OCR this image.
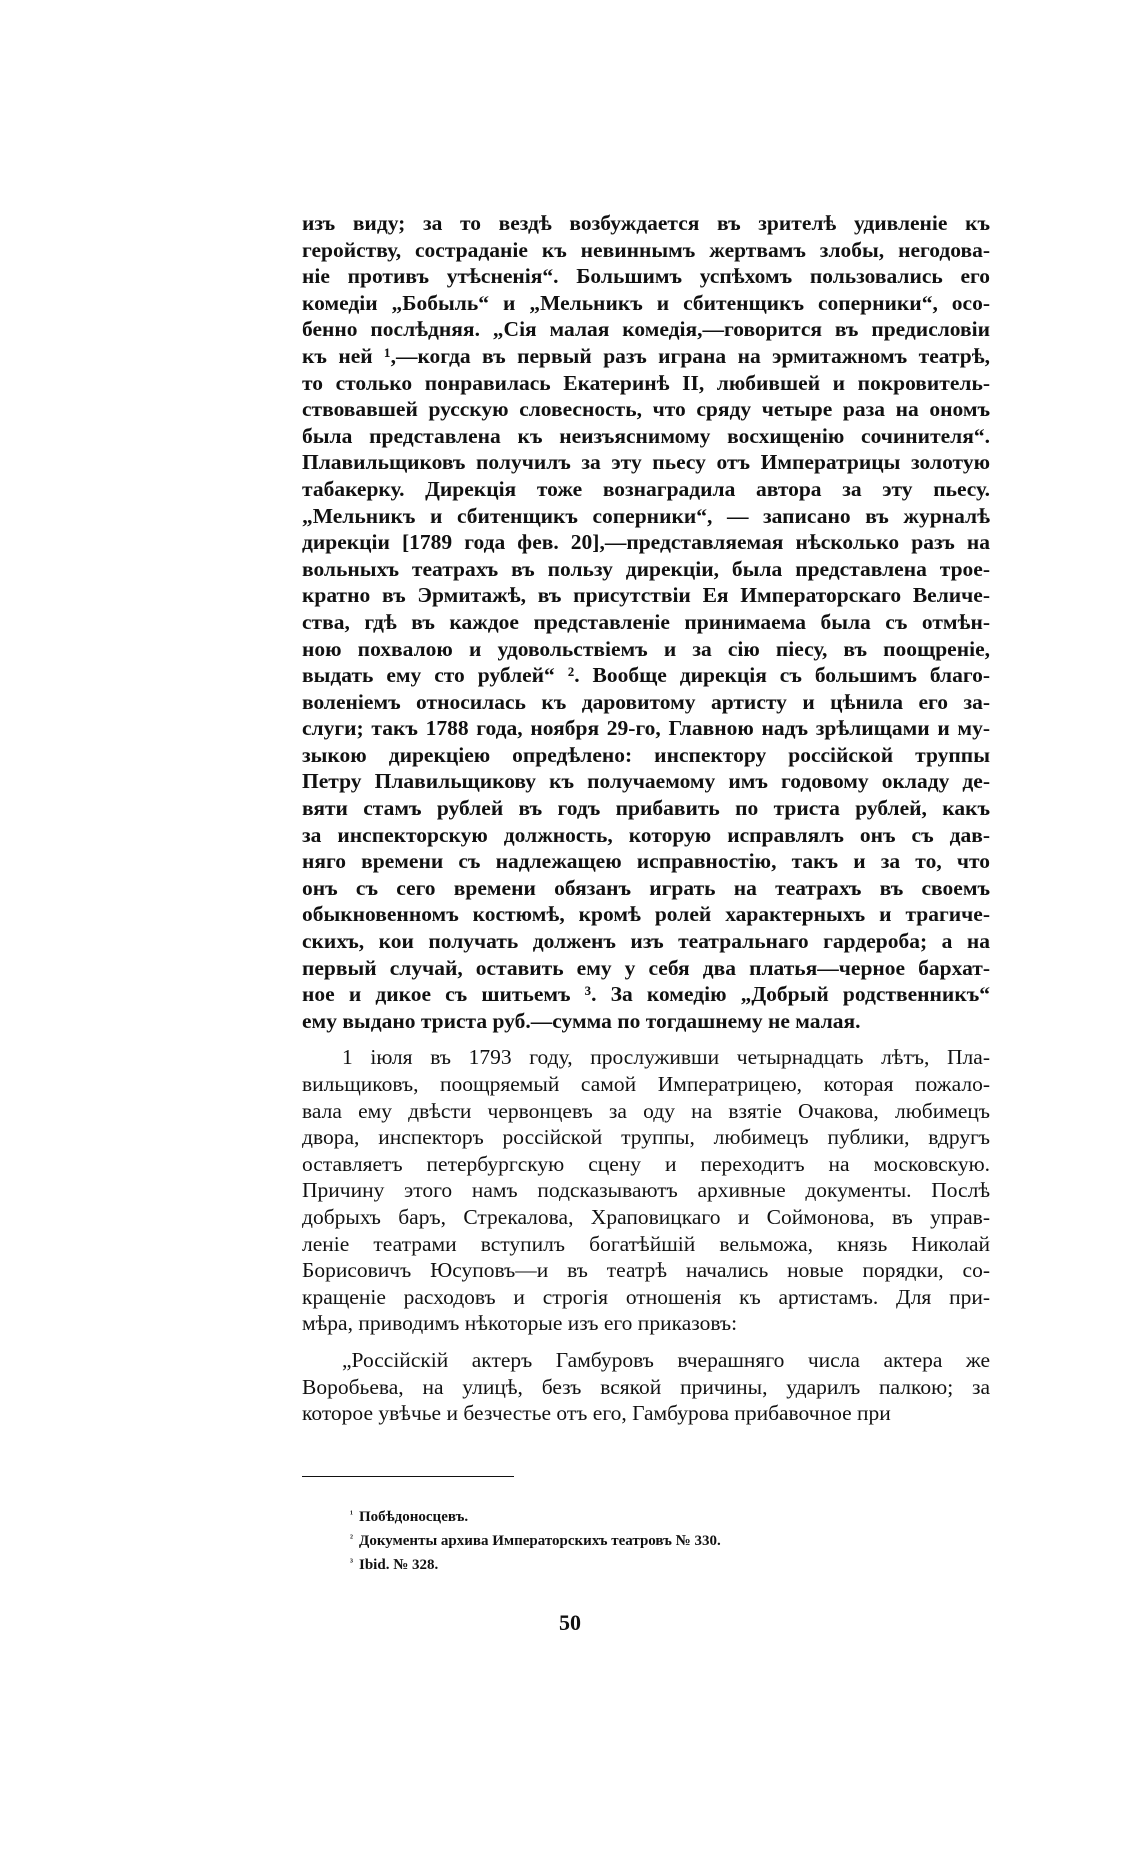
изъ виду; за то вездѣ возбуждается въ зрителѣ удивленіе къ
геройству, состраданіе къ невиннымъ жертвамъ злобы, негодова-
ніе противъ утѣсненія“. Большимъ успѣхомъ пользовались его
комедіи „Бобыль“ и „Мельникъ и сбитенщикъ соперники“, осо-
бенно послѣдняя. „Сія малая комедія,—говорится въ предисловіи
къ ней ¹,—когда въ первый разъ играна на эрмитажномъ театрѣ,
то столько понравилась Екатеринѣ II, любившей и покровитель-
ствовавшей русскую словесность, что сряду четыре раза на ономъ
была представлена къ неизъяснимому восхищенію сочинителя“.
Плавильщиковъ получилъ за эту пьесу отъ Императрицы золотую
табакерку. Дирекція тоже вознаградила автора за эту пьесу.
„Мельникъ и сбитенщикъ соперники“, — записано въ журналѣ
дирекціи [1789 года фев. 20],—представляемая нѣсколько разъ на
вольныхъ театрахъ въ пользу дирекціи, была представлена трое-
кратно въ Эрмитажѣ, въ присутствіи Ея Императорскаго Величе-
ства, гдѣ въ каждое представленіе принимаема была съ отмѣн-
ною похвалою и удовольствіемъ и за сію піесу, въ поощреніе,
выдать ему сто рублей“ ². Вообще дирекція съ большимъ благо-
воленіемъ относилась къ даровитому артисту и цѣнила его за-
слуги; такъ 1788 года, ноября 29-го, Главною надъ зрѣлищами и му-
зыкою дирекціею опредѣлено: инспектору россійской труппы
Петру Плавильщикову къ получаемому имъ годовому окладу де-
вяти стамъ рублей въ годъ прибавить по триста рублей, какъ
за инспекторскую должность, которую исправлялъ онъ съ дав-
няго времени съ надлежащею исправностію, такъ и за то, что
онъ съ сего времени обязанъ играть на театрахъ въ своемъ
обыкновенномъ костюмѣ, кромѣ ролей характерныхъ и трагиче-
скихъ, кои получать долженъ изъ театральнаго гардероба; а на
первый случай, оставить ему у себя два платья—черное бархат-
ное и дикое съ шитьемъ ³. За комедію „Добрый родственникъ“
ему выдано триста руб.—сумма по тогдашнему не малая.

1 іюля въ 1793 году, прослуживши четырнадцать лѣтъ, Пла-
вильщиковъ, поощряемый самой Императрицею, которая пожало-
вала ему двѣсти червонцевъ за оду на взятіе Очакова, любимецъ
двора, инспекторъ россійской труппы, любимецъ публики, вдругъ
оставляетъ петербургскую сцену и переходитъ на московскую.
Причину этого намъ подсказываютъ архивные документы. Послѣ
добрыхъ баръ, Стрекалова, Храповицкаго и Соймонова, въ управ-
леніе театрами вступилъ богатѣйшій вельможа, князь Николай
Борисовичъ Юсуповъ—и въ театрѣ начались новые порядки, со-
кращеніе расходовъ и строгія отношенія къ артистамъ. Для при-
мѣра, приводимъ нѣкоторые изъ его приказовъ:

„Россійскій актеръ Гамбуровъ вчерашняго числа актера же
Воробьева, на улицѣ, безъ всякой причины, ударилъ палкою; за
которое увѣчье и безчестье отъ его, Гамбурова прибавочное при

$^{^1}$ Побѣдоносцевъ.
$^{^2}$ Документы архива Императорскихъ театровъ № 330.
$^{^3}$ Ibid. № 328.
50
